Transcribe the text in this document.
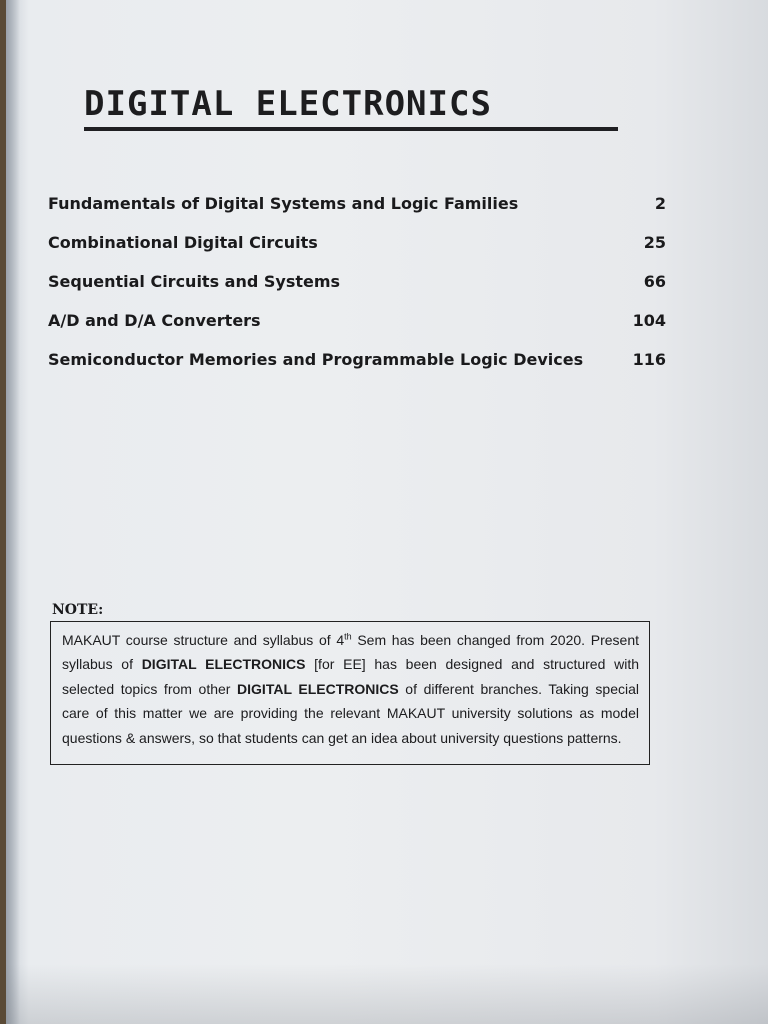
DIGITAL ELECTRONICS
Fundamentals of Digital Systems and Logic Families	2
Combinational Digital Circuits	25
Sequential Circuits and Systems	66
A/D and D/A Converters	104
Semiconductor Memories and Programmable Logic Devices	116
NOTE:

MAKAUT course structure and syllabus of 4th Sem has been changed from 2020. Present syllabus of DIGITAL ELECTRONICS [for EE] has been designed and structured with selected topics from other DIGITAL ELECTRONICS of different branches. Taking special care of this matter we are providing the relevant MAKAUT university solutions as model questions & answers, so that students can get an idea about university questions patterns.
